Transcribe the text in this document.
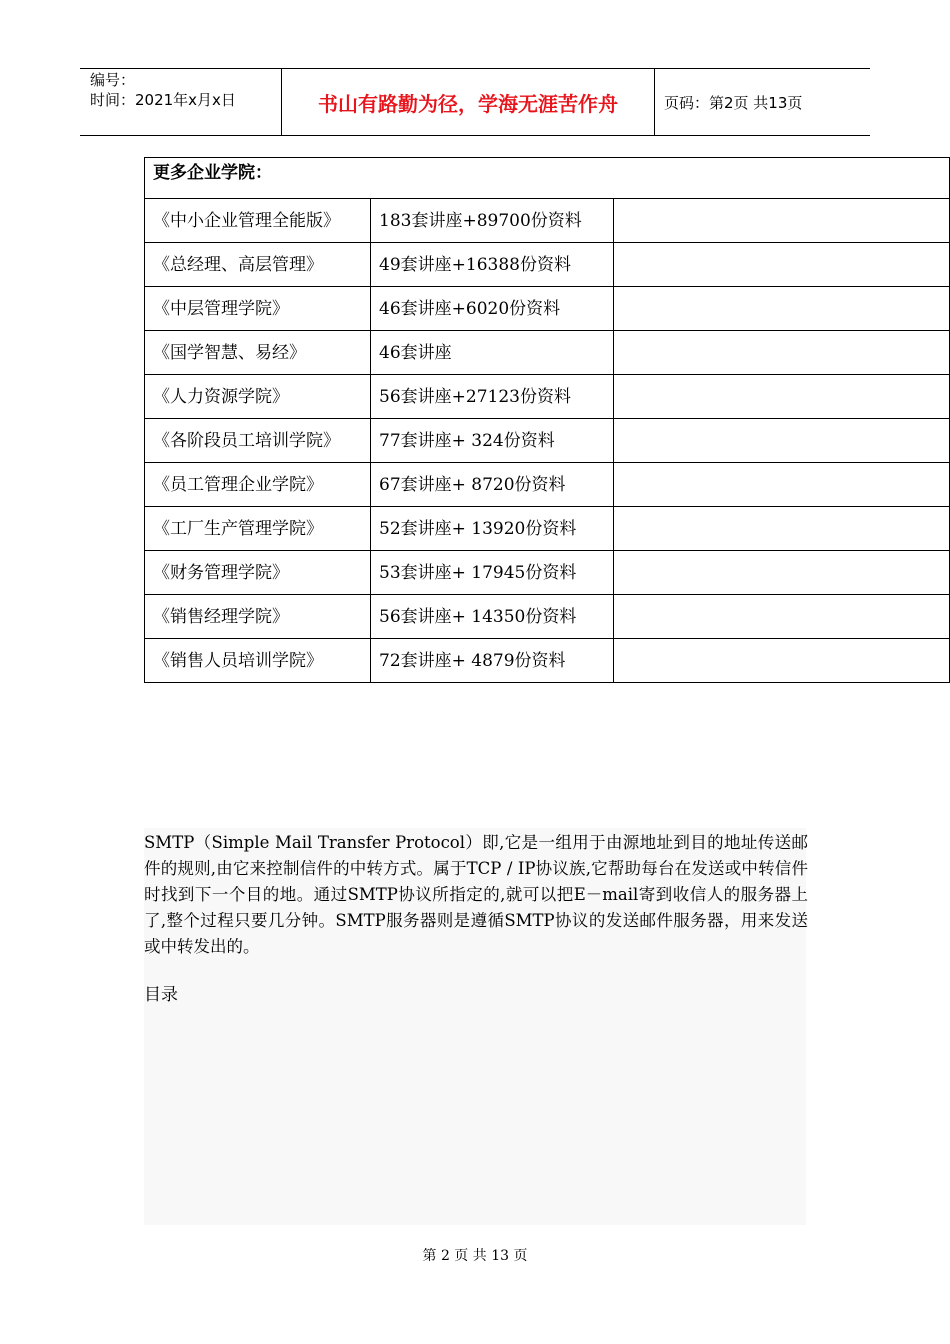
编号：
时间：2021年x月x日	书山有路勤为径，学海无涯苦作舟	页码：第2页 共13页
更多企业学院：		
《中小企业管理全能版》	183套讲座+89700份资料	
《总经理、高层管理》	49套讲座+16388份资料	
《中层管理学院》	46套讲座+6020份资料	
《国学智慧、易经》	46套讲座	
《人力资源学院》	56套讲座+27123份资料	
《各阶段员工培训学院》	77套讲座+ 324份资料	
《员工管理企业学院》	67套讲座+ 8720份资料	
《工厂生产管理学院》	52套讲座+ 13920份资料	
《财务管理学院》	53套讲座+ 17945份资料	
《销售经理学院》	56套讲座+ 14350份资料	
《销售人员培训学院》	72套讲座+ 4879份资料	
SMTP（Simple Mail Transfer Protocol）即,它是一组用于由源地址到目的地址传送邮件的规则,由它来控制信件的中转方式。属于TCP / IP协议族,它帮助每台在发送或中转信件时找到下一个目的地。通过SMTP协议所指定的,就可以把E－mail寄到收信人的服务器上了,整个过程只要几分钟。SMTP服务器则是遵循SMTP协议的发送邮件服务器，用来发送或中转发出的。
目录
第 2 页 共 13 页
